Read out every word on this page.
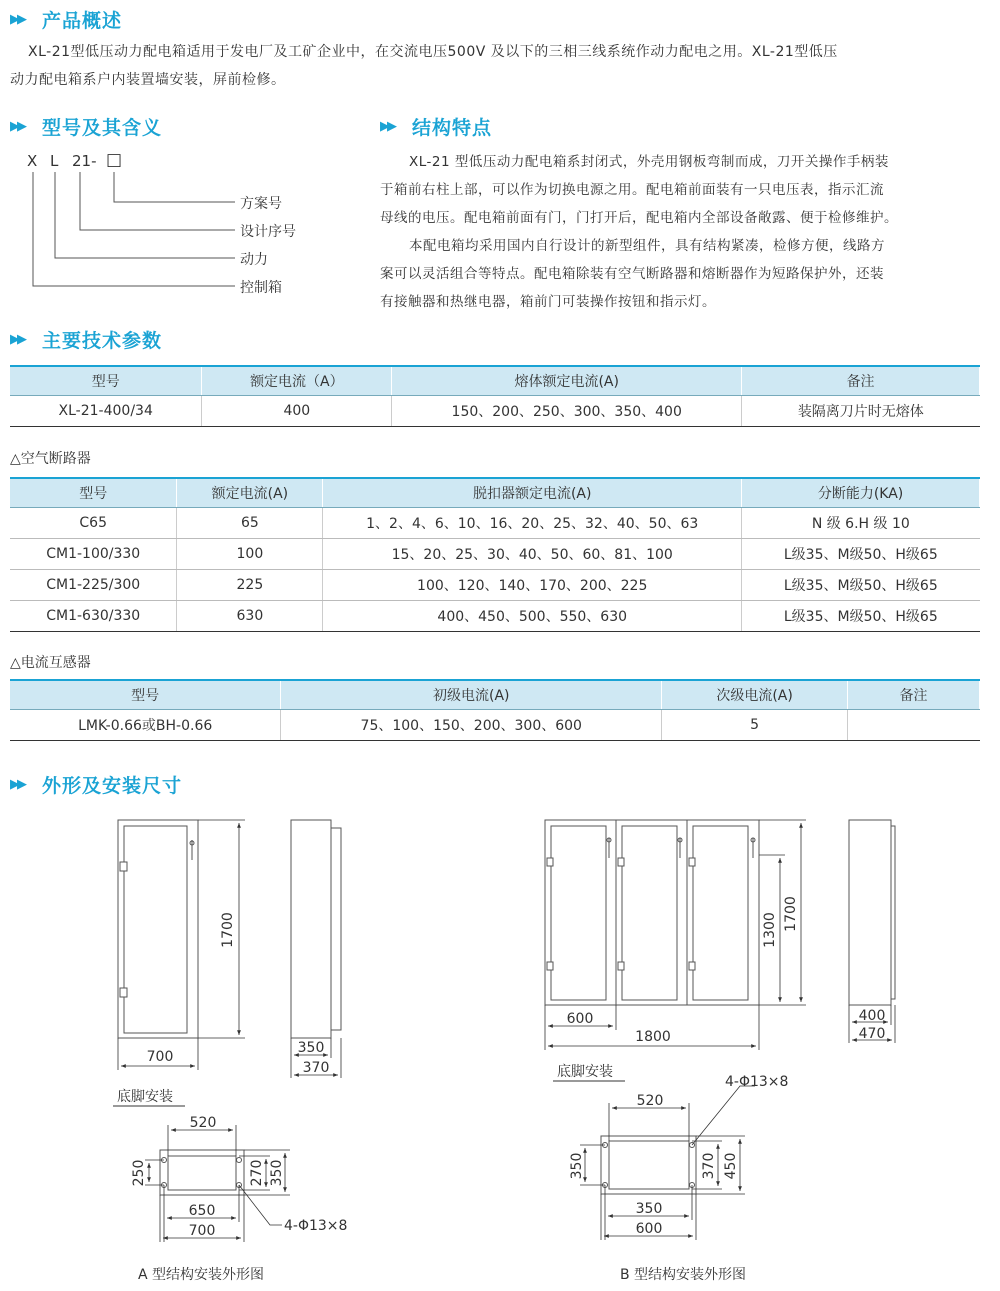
▶▶ 产品概述
XL-21型低压动力配电箱适用于发电厂及工矿企业中，在交流电压500V 及以下的三相三线系统作动力配电之用。XL-21型低压
动力配电箱系户内装置墙安装，屏前检修。
▶▶ 型号及其含义
X L 21- □
方案号
设计序号
动力
控制箱
▶▶ 结构特点
XL-21 型低压动力配电箱系封闭式，外壳用钢板弯制而成，刀开关操作手柄装
于箱前右柱上部，可以作为切换电源之用。配电箱前面装有一只电压表，指示汇流
母线的电压。配电箱前面有门，门打开后，配电箱内全部设备敞露、便于检修维护。
本配电箱均采用国内自行设计的新型组件，具有结构紧凑，检修方便，线路方
案可以灵活组合等特点。配电箱除装有空气断路器和熔断器作为短路保护外，还装
有接触器和热继电器，箱前门可装操作按钮和指示灯。
▶▶ 主要技术参数
型号	额定电流（A）	熔体额定电流(A)	备注
XL-21-400/34	400	150、200、250、300、350、400	装隔离刀片时无熔体
△空气断路器
型号	额定电流(A)	脱扣器额定电流(A)	分断能力(KA)
C65	65	1、2、4、6、10、16、20、25、32、40、50、63	N 级 6.H 级 10
CM1-100/330	100	15、20、25、30、40、50、60、81、100	L级35、M级50、H级65
CM1-225/300	225	100、120、140、170、200、225	L级35、M级50、H级65
CM1-630/330	630	400、450、500、550、630	L级35、M级50、H级65
△电流互感器
型号	初级电流(A)	次级电流(A)	备注
LMK-0.66或BH-0.66	75、100、150、200、300、600	5	
▶▶ 外形及安装尺寸
1700
700
350
370
底脚安装
520
250	270 350
650
700	4-Φ13×8
1300 1700
600
1800
400
470
底脚安装
520
350	370 450
350
600
4-Φ13×8
A 型结构安装外形图	B 型结构安装外形图
